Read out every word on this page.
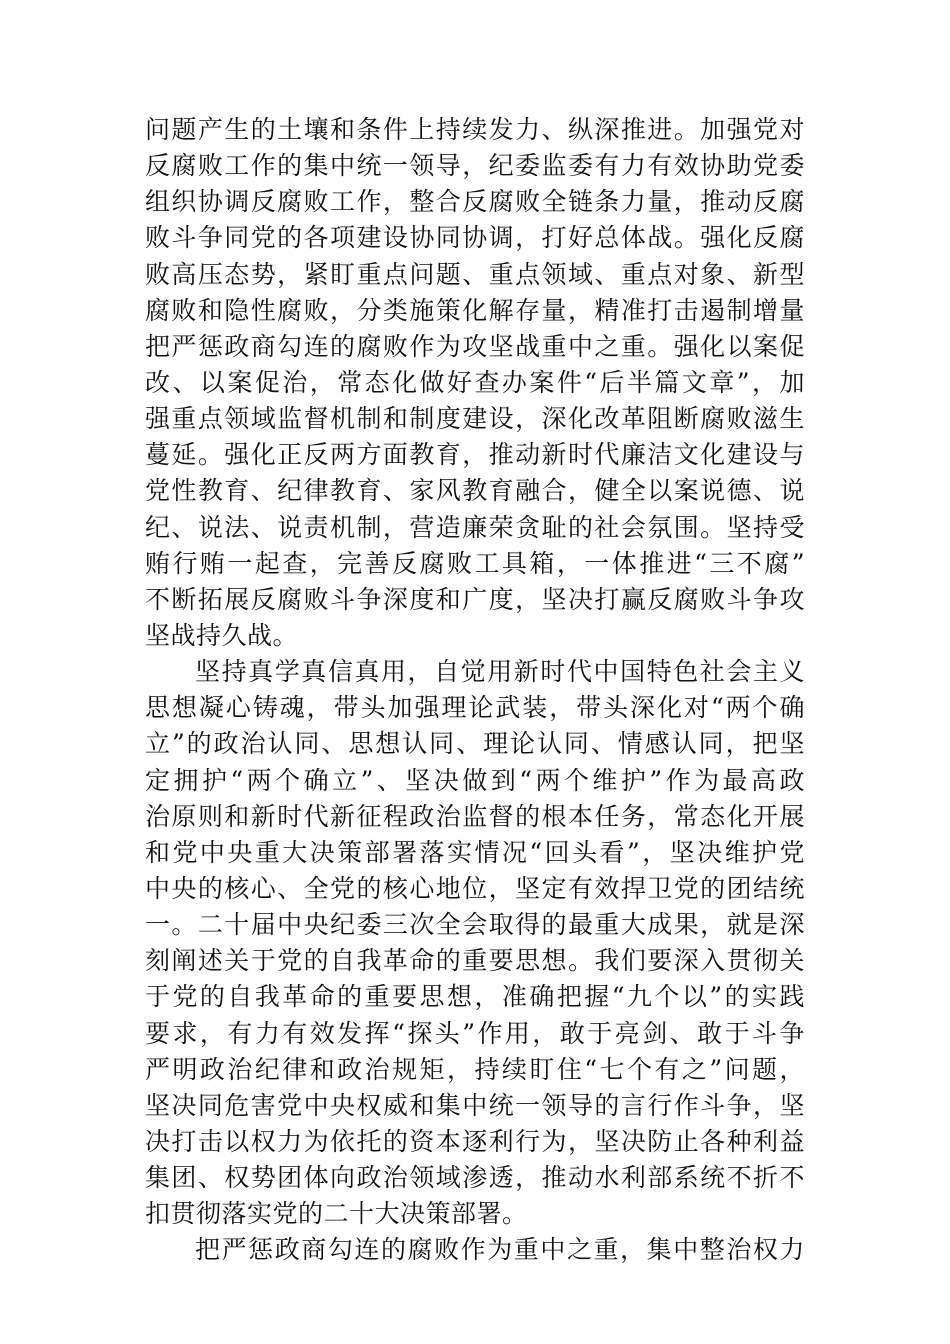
问题产生的土壤和条件上持续发力、纵深推进。加强党对
反腐败工作的集中统一领导，纪委监委有力有效协助党委
组织协调反腐败工作，整合反腐败全链条力量，推动反腐
败斗争同党的各项建设协同协调，打好总体战。强化反腐
败高压态势，紧盯重点问题、重点领域、重点对象、新型
腐败和隐性腐败，分类施策化解存量，精准打击遏制增量
把严惩政商勾连的腐败作为攻坚战重中之重。强化以案促
改、以案促治，常态化做好查办案件“后半篇文章”，加
强重点领域监督机制和制度建设，深化改革阻断腐败滋生
蔓延。强化正反两方面教育，推动新时代廉洁文化建设与
党性教育、纪律教育、家风教育融合，健全以案说德、说
纪、说法、说责机制，营造廉荣贪耻的社会氛围。坚持受
贿行贿一起查，完善反腐败工具箱，一体推进“三不腐”
不断拓展反腐败斗争深度和广度，坚决打赢反腐败斗争攻
坚战持久战。
坚持真学真信真用，自觉用新时代中国特色社会主义
思想凝心铸魂，带头加强理论武装，带头深化对“两个确
立”的政治认同、思想认同、理论认同、情感认同，把坚
定拥护“两个确立”、坚决做到“两个维护”作为最高政
治原则和新时代新征程政治监督的根本任务，常态化开展
和党中央重大决策部署落实情况“回头看”，坚决维护党
中央的核心、全党的核心地位，坚定有效捍卫党的团结统
一。二十届中央纪委三次全会取得的最重大成果，就是深
刻阐述关于党的自我革命的重要思想。我们要深入贯彻关
于党的自我革命的重要思想，准确把握“九个以”的实践
要求，有力有效发挥“探头”作用，敢于亮剑、敢于斗争
严明政治纪律和政治规矩，持续盯住“七个有之”问题，
坚决同危害党中央权威和集中统一领导的言行作斗争，坚
决打击以权力为依托的资本逐利行为，坚决防止各种利益
集团、权势团体向政治领域渗透，推动水利部系统不折不
扣贯彻落实党的二十大决策部署。
把严惩政商勾连的腐败作为重中之重，集中整治权力
